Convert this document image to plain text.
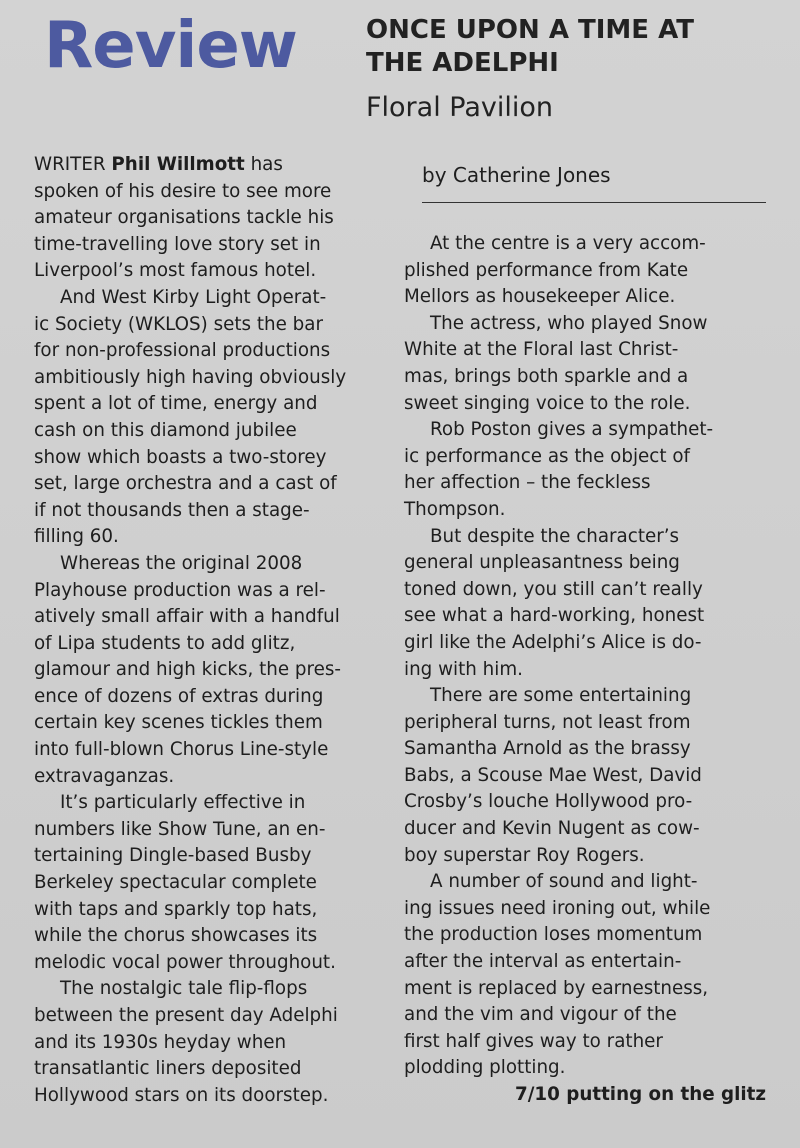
Review	ONCE UPON A TIME AT
THE ADELPHI
Floral Pavilion

WRITER Phil Willmott has
spoken of his desire to see more
amateur organisations tackle his
time-travelling love story set in
Liverpool’s most famous hotel.

And West Kirby Light Operat-
ic Society (WKLOS) sets the bar
for non-professional productions
ambitiously high having obviously
spent a lot of time, energy and
cash on this diamond jubilee
show which boasts a two-storey
set, large orchestra and a cast of
if not thousands then a stage-
filling 60.

Whereas the original 2008
Playhouse production was a rel-
atively small affair with a handful
of Lipa students to add glitz,
glamour and high kicks, the pres-
ence of dozens of extras during
certain key scenes tickles them
into full-blown Chorus Line-style
extravaganzas.

It’s particularly effective in
numbers like Show Tune, an en-
tertaining Dingle-based Busby
Berkeley spectacular complete
with taps and sparkly top hats,
while the chorus showcases its
melodic vocal power throughout.

The nostalgic tale flip-flops
between the present day Adelphi
and its 1930s heyday when
transatlantic liners deposited
Hollywood stars on its doorstep.

by Catherine Jones

At the centre is a very accom-
plished performance from Kate
Mellors as housekeeper Alice.

The actress, who played Snow
White at the Floral last Christ-
mas, brings both sparkle and a
sweet singing voice to the role.

Rob Poston gives a sympathet-
ic performance as the object of
her affection – the feckless
Thompson.

But despite the character’s
general unpleasantness being
toned down, you still can’t really
see what a hard-working, honest
girl like the Adelphi’s Alice is do-
ing with him.

There are some entertaining
peripheral turns, not least from
Samantha Arnold as the brassy
Babs, a Scouse Mae West, David
Crosby’s louche Hollywood pro-
ducer and Kevin Nugent as cow-
boy superstar Roy Rogers.

A number of sound and light-
ing issues need ironing out, while
the production loses momentum
after the interval as entertain-
ment is replaced by earnestness,
and the vim and vigour of the
first half gives way to rather
plodding plotting.

7/10 putting on the glitz
